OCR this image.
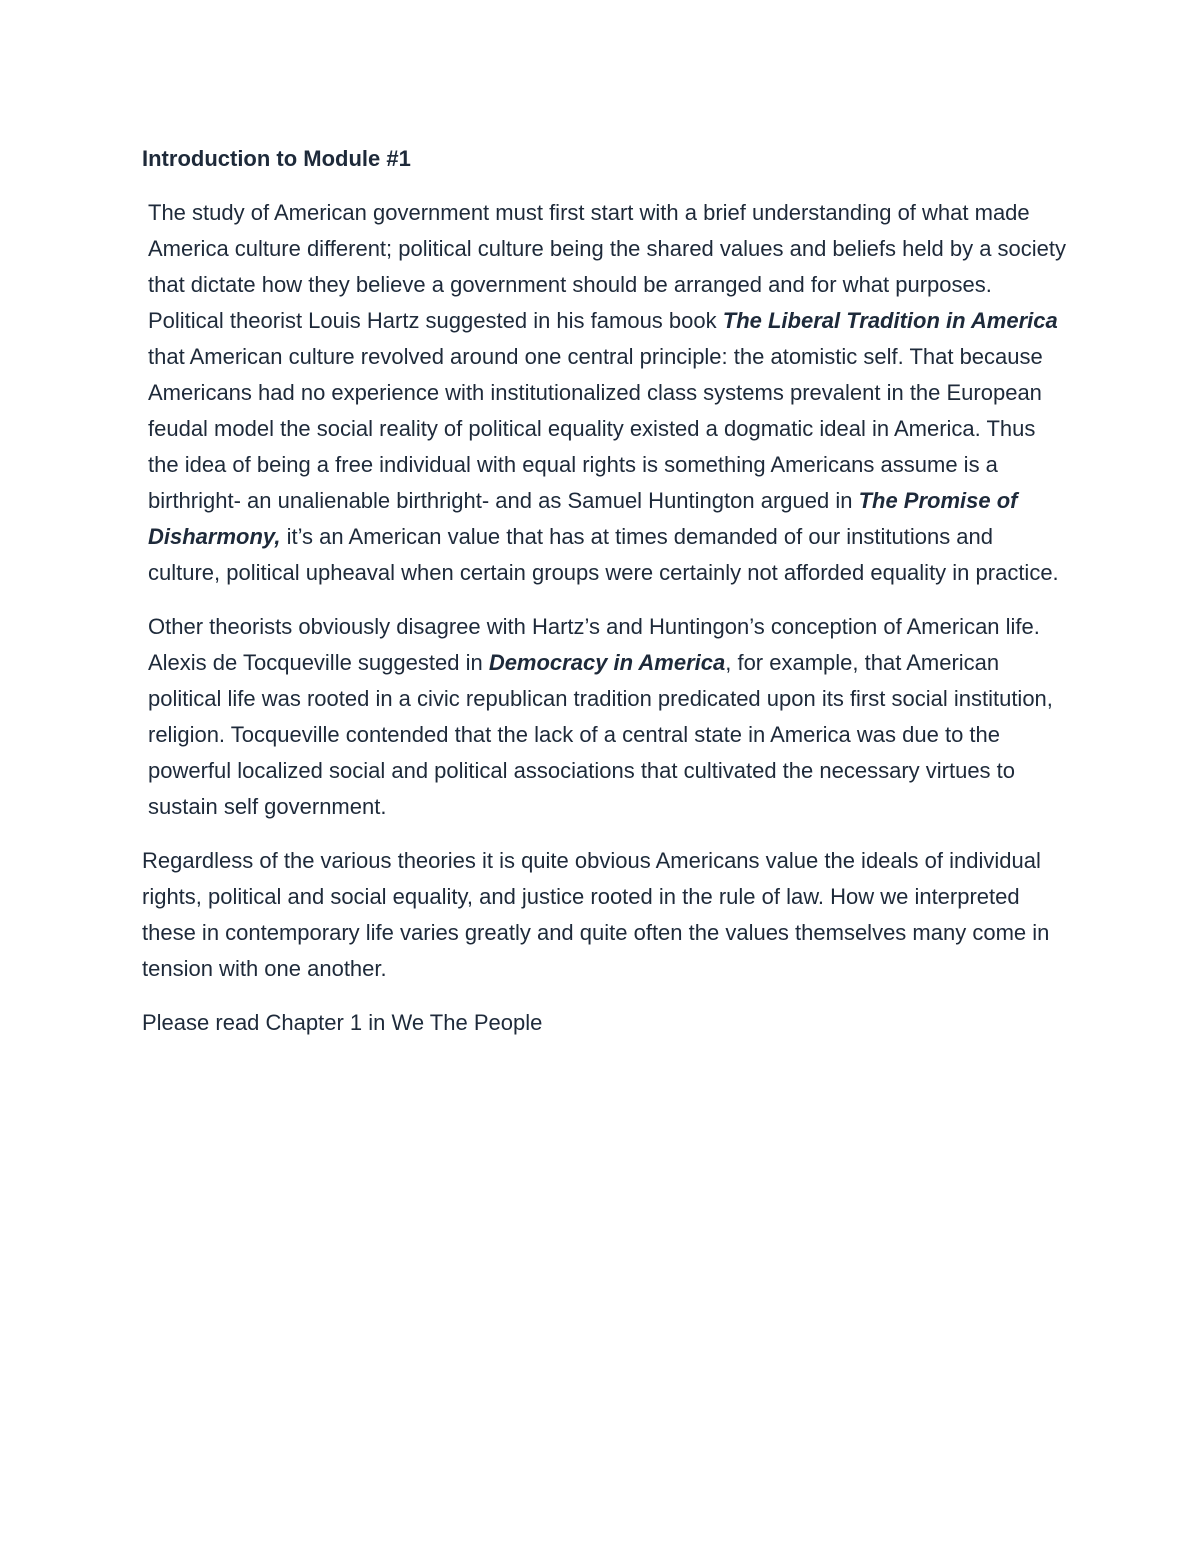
Introduction to Module #1

The study of American government must first start with a brief understanding of what made America culture different; political culture being the shared values and beliefs held by a society that dictate how they believe a government should be arranged and for what purposes. Political theorist Louis Hartz suggested in his famous book The Liberal Tradition in America that American culture revolved around one central principle: the atomistic self. That because Americans had no experience with institutionalized class systems prevalent in the European feudal model the social reality of political equality existed a dogmatic ideal in America. Thus the idea of being a free individual with equal rights is something Americans assume is a birthright- an unalienable birthright- and as Samuel Huntington argued in The Promise of Disharmony, it’s an American value that has at times demanded of our institutions and culture, political upheaval when certain groups were certainly not afforded equality in practice.

Other theorists obviously disagree with Hartz’s and Huntingon’s conception of American life. Alexis de Tocqueville suggested in Democracy in America, for example, that American political life was rooted in a civic republican tradition predicated upon its first social institution, religion. Tocqueville contended that the lack of a central state in America was due to the powerful localized social and political associations that cultivated the necessary virtues to sustain self government.

Regardless of the various theories it is quite obvious Americans value the ideals of individual rights, political and social equality, and justice rooted in the rule of law. How we interpreted these in contemporary life varies greatly and quite often the values themselves many come in tension with one another.

Please read Chapter 1 in We The People
